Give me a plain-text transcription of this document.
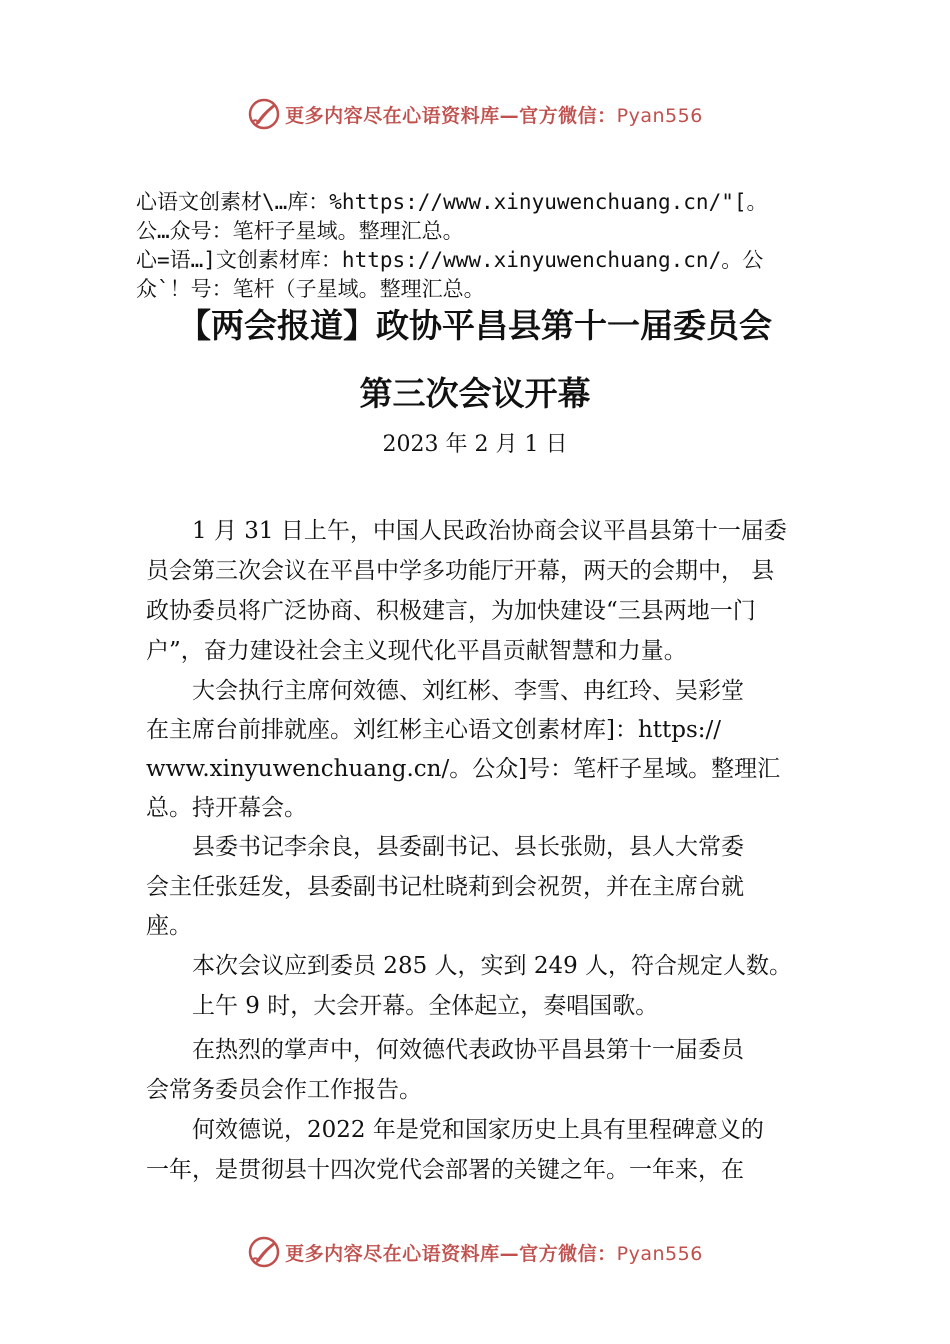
更多内容尽在心语资料库—官方微信：Pyan556
心语文创素材\…库：%https://www.xinyuwenchuang.cn/"[。
公…众号：笔杆子星域。整理汇总。
心=语…]文创素材库：https://www.xinyuwenchuang.cn/。公
众`！号：笔杆（子星域。整理汇总。
【两会报道】政协平昌县第十一届委员会
第三次会议开幕
2023 年 2 月 1 日
　　1 月 31 日上午，中国人民政治协商会议平昌县第十一届委
员会第三次会议在平昌中学多功能厅开幕，两天的会期中， 县
政协委员将广泛协商、积极建言，为加快建设“三县两地一门
户”，奋力建设社会主义现代化平昌贡献智慧和力量。
　　大会执行主席何效德、刘红彬、李雪、冉红玲、吴彩堂
在主席台前排就座。刘红彬主心语文创素材库]：https://
www.xinyuwenchuang.cn/。公众]号：笔杆子星域。整理汇
总。持开幕会。
　　县委书记李余良，县委副书记、县长张勋，县人大常委
会主任张廷发，县委副书记杜晓莉到会祝贺，并在主席台就
座。
　　本次会议应到委员 285 人，实到 249 人，符合规定人数。
　　上午 9 时，大会开幕。全体起立，奏唱国歌。
　　在热烈的掌声中，何效德代表政协平昌县第十一届委员
会常务委员会作工作报告。
　　何效德说，2022 年是党和国家历史上具有里程碑意义的
一年，是贯彻县十四次党代会部署的关键之年。一年来，在
更多内容尽在心语资料库—官方微信：Pyan556
